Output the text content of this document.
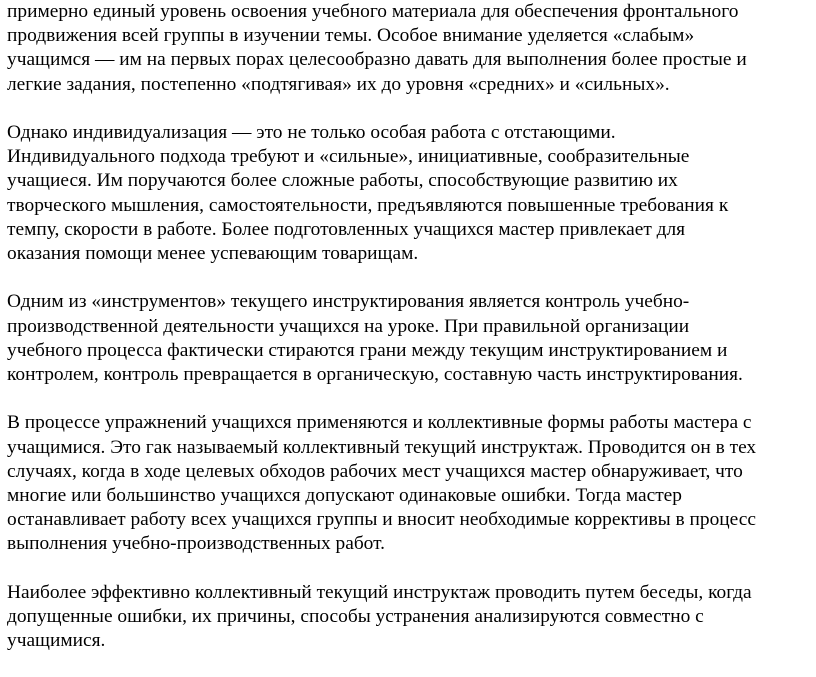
примерно единый уровень освоения учебного материала для обеспечения фронтального
продвижения всей группы в изучении темы. Особое внимание уделяется «слабым»
учащимся — им на первых порах целесообразно давать для выполнения более простые и
легкие задания, постепенно «подтягивая» их до уровня «средних» и «сильных».

Однако индивидуализация — это не только особая работа с отстающими.
Индивидуального подхода требуют и «сильные», инициативные, сообразительные
учащиеся. Им поручаются более сложные работы, способствующие развитию их
творческого мышления, самостоятельности, предъявляются повышенные требования к
темпу, скорости в работе. Более подготовленных учащихся мастер привлекает для
оказания помощи менее успевающим товарищам.

Одним из «инструментов» текущего инструктирования является контроль учебно-
производственной деятельности учащихся на уроке. При правильной организации
учебного процесса фактически стираются грани между текущим инструктированием и
контролем, контроль превращается в органическую, составную часть инструктирования.

В процессе упражнений учащихся применяются и коллективные формы работы мастера с
учащимися. Это гак называемый коллективный текущий инструктаж. Проводится он в тех
случаях, когда в ходе целевых обходов рабочих мест учащихся мастер обнаруживает, что
многие или большинство учащихся допускают одинаковые ошибки. Тогда мастер
останавливает работу всех учащихся группы и вносит необходимые коррективы в процесс
выполнения учебно-производственных работ.

Наиболее эффективно коллективный текущий инструктаж проводить путем беседы, когда
допущенные ошибки, их причины, способы устранения анализируются совместно с
учащимися.
